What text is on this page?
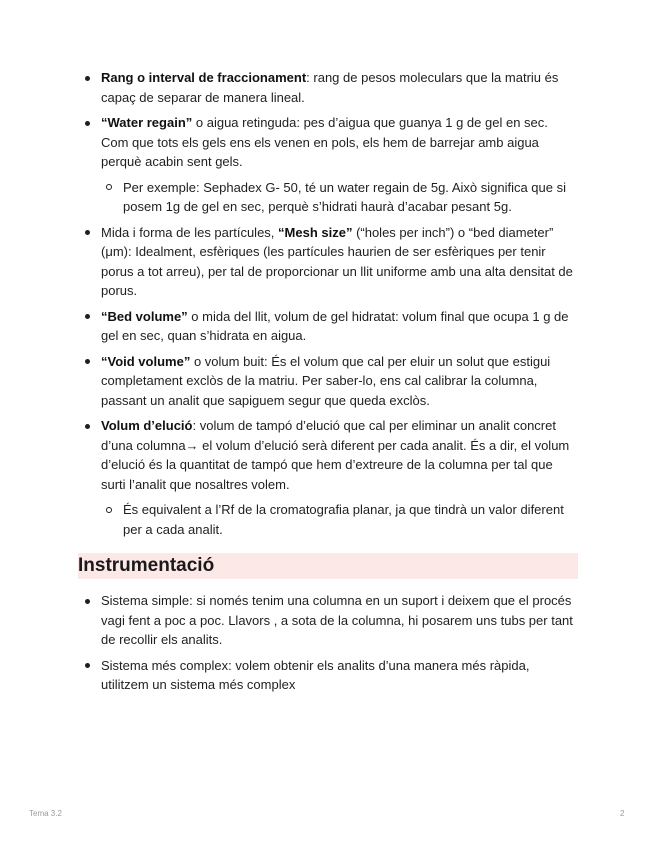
Rang o interval de fraccionament: rang de pesos moleculars que la matriu és capaç de separar de manera lineal.
“Water regain” o aigua retinguda: pes d’aigua que guanya 1 g de gel en sec. Com que tots els gels ens els venen en pols, els hem de barrejar amb aigua perquè acabin sent gels.
Per exemple: Sephadex G- 50, té un water regain de 5g. Això significa que si posem 1g de gel en sec, perquè s’hidrati haurà d’acabar pesant 5g.
Mida i forma de les partícules, “Mesh size” (“holes per inch”) o “bed diameter” (μm): Idealment, esfèriques (les partícules haurien de ser esfèriques per tenir porus a tot arreu), per tal de proporcionar un llit uniforme amb una alta densitat de porus.
“Bed volume” o mida del llit, volum de gel hidratat: volum final que ocupa 1 g de gel en sec, quan s’hidrata en aigua.
“Void volume” o volum buit: És el volum que cal per eluir un solut que estigui completament exclòs de la matriu. Per saber-lo, ens cal calibrar la columna, passant un analit que sapiguem segur que queda exclòs.
Volum d’elució: volum de tampó d’elució que cal per eliminar un analit concret d’una columna→ el volum d’elució serà diferent per cada analit. És a dir, el volum d’elució és la quantitat de tampó que hem d’extreure de la columna per tal que surti l’analit que nosaltres volem.
És equivalent a l’Rf de la cromatografia planar, ja que tindrà un valor diferent per a cada analit.
Instrumentació
Sistema simple: si només tenim una columna en un suport i deixem que el procés vagi fent a poc a poc. Llavors , a sota de la columna, hi posarem uns tubs per tant de recollir els analits.
Sistema més complex: volem obtenir els analits d’una manera més ràpida, utilitzem un sistema més complex
Tema 3.2	2
